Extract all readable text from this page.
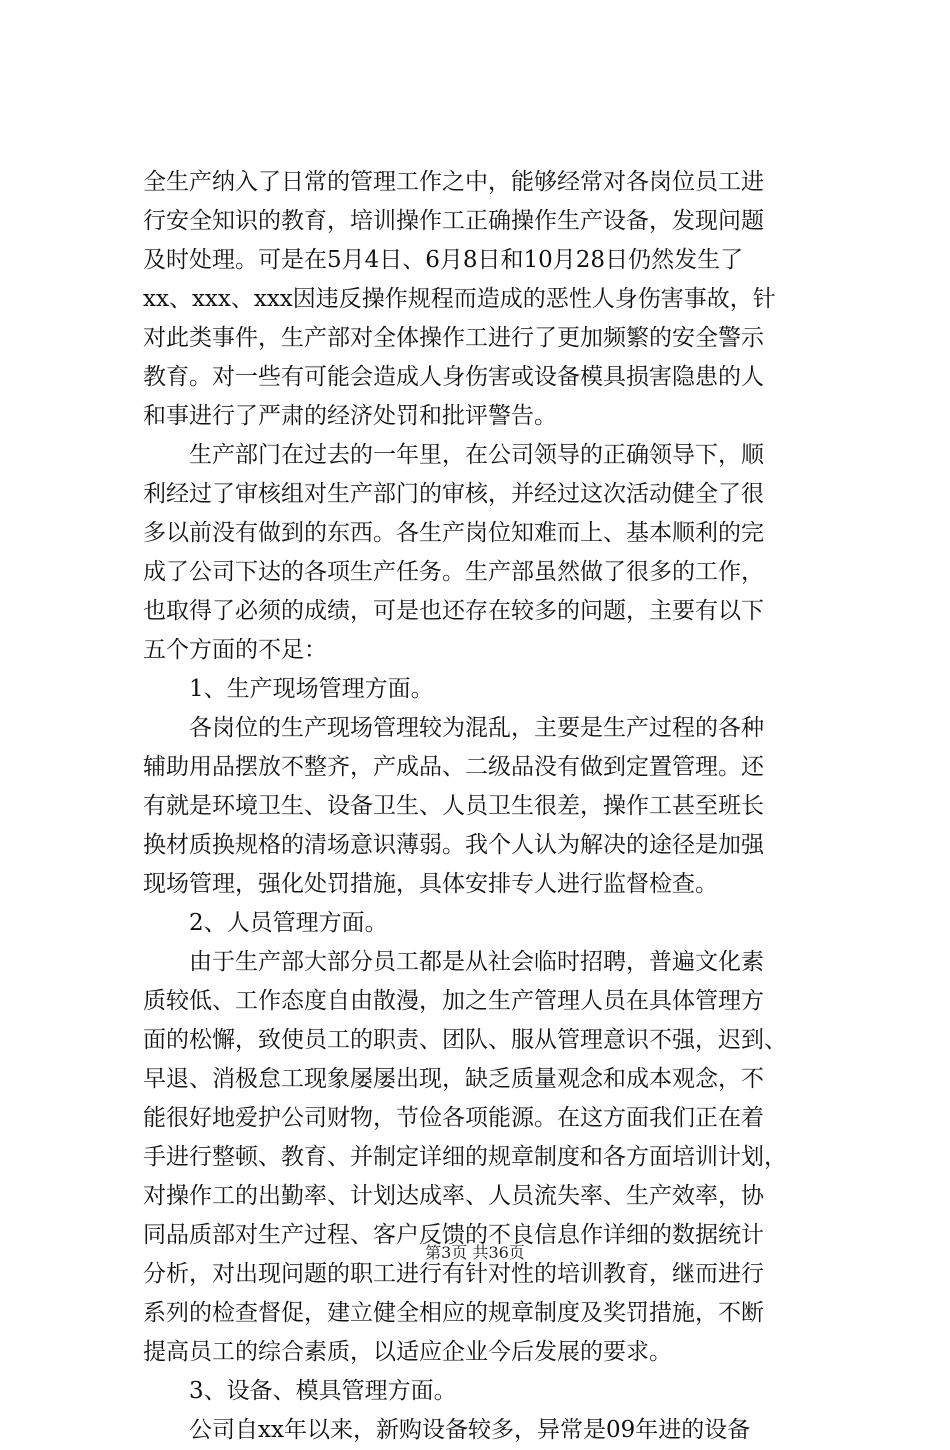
全生产纳入了日常的管理工作之中，能够经常对各岗位员工进
行安全知识的教育，培训操作工正确操作生产设备，发现问题
及时处理。可是在5月4日、6月8日和10月28日仍然发生了
xx、xxx、xxx因违反操作规程而造成的恶性人身伤害事故，针
对此类事件，生产部对全体操作工进行了更加频繁的安全警示
教育。对一些有可能会造成人身伤害或设备模具损害隐患的人
和事进行了严肃的经济处罚和批评警告。
　　生产部门在过去的一年里，在公司领导的正确领导下，顺
利经过了审核组对生产部门的审核，并经过这次活动健全了很
多以前没有做到的东西。各生产岗位知难而上、基本顺利的完
成了公司下达的各项生产任务。生产部虽然做了很多的工作，
也取得了必须的成绩，可是也还存在较多的问题，主要有以下
五个方面的不足：
　　1、生产现场管理方面。
　　各岗位的生产现场管理较为混乱，主要是生产过程的各种
辅助用品摆放不整齐，产成品、二级品没有做到定置管理。还
有就是环境卫生、设备卫生、人员卫生很差，操作工甚至班长
换材质换规格的清场意识薄弱。我个人认为解决的途径是加强
现场管理，强化处罚措施，具体安排专人进行监督检查。
　　2、人员管理方面。
　　由于生产部大部分员工都是从社会临时招聘，普遍文化素
质较低、工作态度自由散漫，加之生产管理人员在具体管理方
面的松懈，致使员工的职责、团队、服从管理意识不强，迟到、
早退、消极怠工现象屡屡出现，缺乏质量观念和成本观念，不
能很好地爱护公司财物，节俭各项能源。在这方面我们正在着
手进行整顿、教育、并制定详细的规章制度和各方面培训计划，
对操作工的出勤率、计划达成率、人员流失率、生产效率，协
同品质部对生产过程、客户反馈的不良信息作详细的数据统计
分析，对出现问题的职工进行有针对性的培训教育，继而进行
系列的检查督促，建立健全相应的规章制度及奖罚措施，不断
提高员工的综合素质，以适应企业今后发展的要求。
　　3、设备、模具管理方面。
　　公司自xx年以来，新购设备较多，异常是09年进的设备
第3页 共36页
